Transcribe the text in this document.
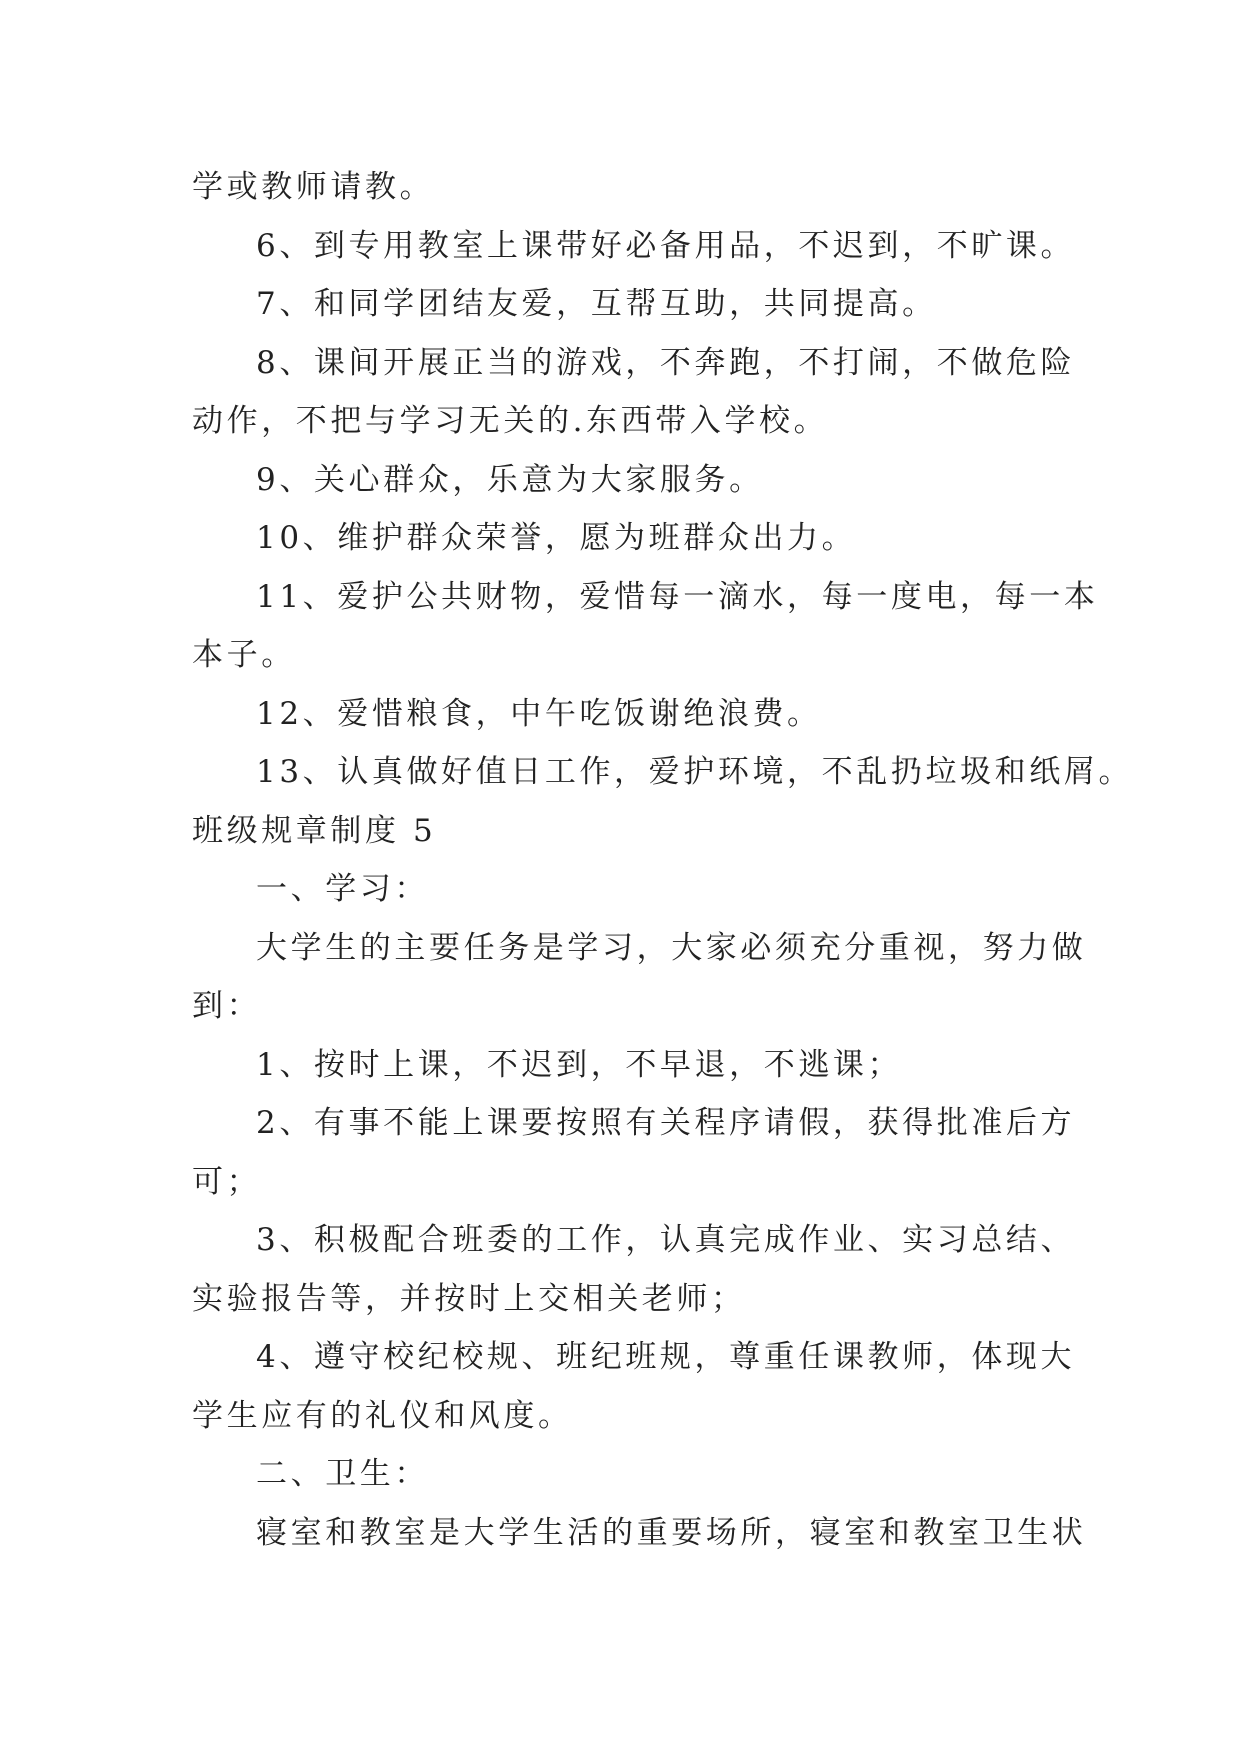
学或教师请教。
6、到专用教室上课带好必备用品，不迟到，不旷课。
7、和同学团结友爱，互帮互助，共同提高。
8、课间开展正当的游戏，不奔跑，不打闹，不做危险
动作，不把与学习无关的.东西带入学校。
9、关心群众，乐意为大家服务。
10、维护群众荣誉，愿为班群众出力。
11、爱护公共财物，爱惜每一滴水，每一度电，每一本
本子。
12、爱惜粮食，中午吃饭谢绝浪费。
13、认真做好值日工作，爱护环境，不乱扔垃圾和纸屑。
班级规章制度 5
一、学习：
大学生的主要任务是学习，大家必须充分重视，努力做
到：
1、按时上课，不迟到，不早退，不逃课；
2、有事不能上课要按照有关程序请假，获得批准后方
可；
3、积极配合班委的工作，认真完成作业、实习总结、
实验报告等，并按时上交相关老师；
4、遵守校纪校规、班纪班规，尊重任课教师，体现大
学生应有的礼仪和风度。
二、卫生：
寝室和教室是大学生活的重要场所，寝室和教室卫生状
